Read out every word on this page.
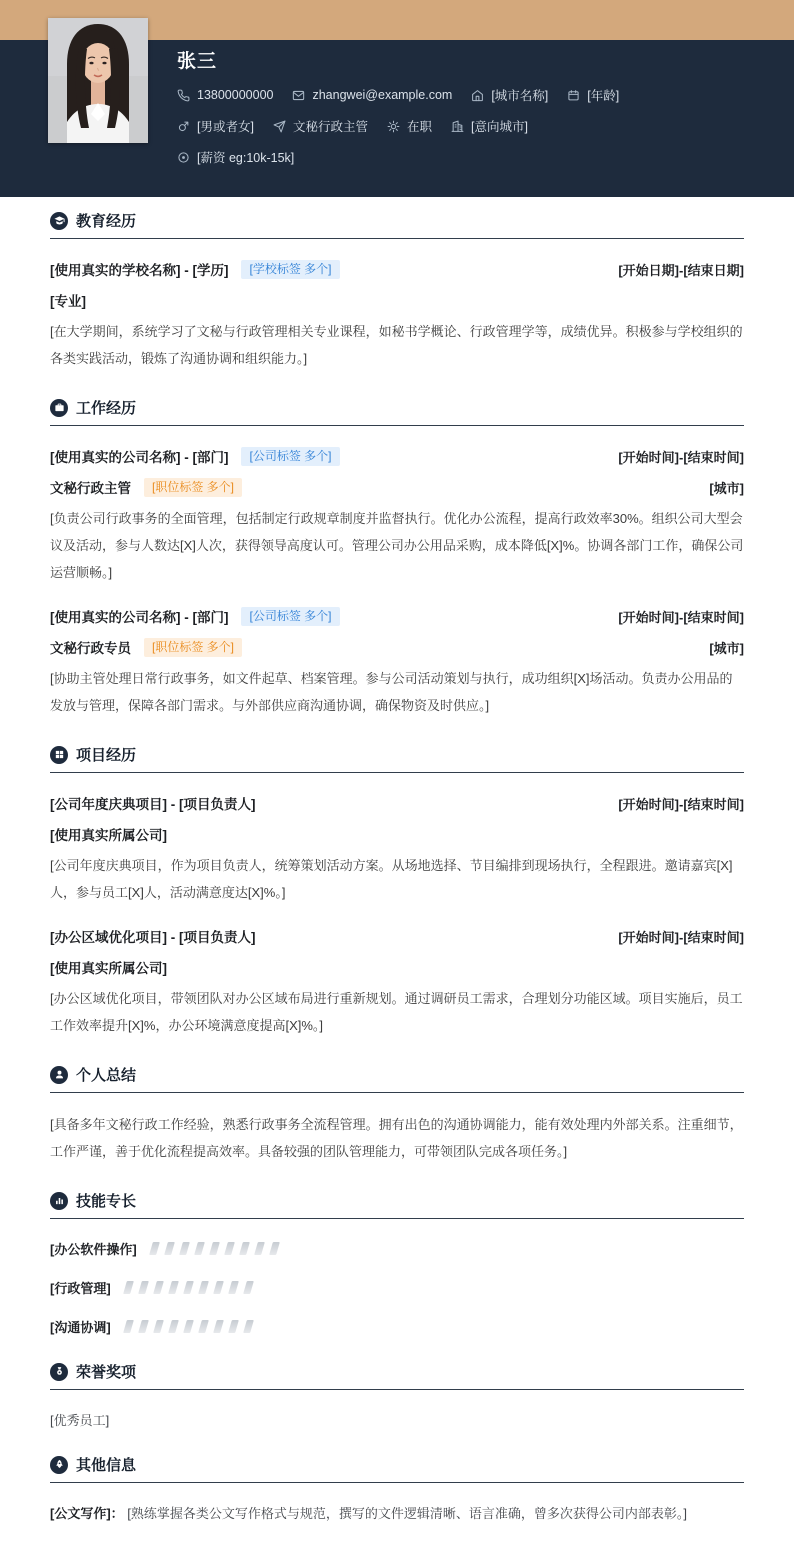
张三
13800000000	zhangwei@example.com	[城市名称]	[年龄]
[男或者女]	文秘行政主管	在职	[意向城市]
[薪资 eg:10k-15k]
教育经历
[使用真实的学校名称] - [学历]	[学校标签 多个]	[开始日期]-[结束日期]
[专业]
[在大学期间，系统学习了文秘与行政管理相关专业课程，如秘书学概论、行政管理学等，成绩优异。积极参与学校组织的各类实践活动，锻炼了沟通协调和组织能力。]
工作经历
[使用真实的公司名称] - [部门]	[公司标签 多个]	[开始时间]-[结束时间]
文秘行政主管	[职位标签 多个]	[城市]
[负责公司行政事务的全面管理，包括制定行政规章制度并监督执行。优化办公流程，提高行政效率30%。组织公司大型会议及活动，参与人数达[X]人次，获得领导高度认可。管理公司办公用品采购，成本降低[X]%。协调各部门工作，确保公司运营顺畅。]
[使用真实的公司名称] - [部门]	[公司标签 多个]	[开始时间]-[结束时间]
文秘行政专员	[职位标签 多个]	[城市]
[协助主管处理日常行政事务，如文件起草、档案管理。参与公司活动策划与执行，成功组织[X]场活动。负责办公用品的发放与管理，保障各部门需求。与外部供应商沟通协调，确保物资及时供应。]
项目经历
[公司年度庆典项目] - [项目负责人]	[开始时间]-[结束时间]
[使用真实所属公司]
[公司年度庆典项目，作为项目负责人，统筹策划活动方案。从场地选择、节目编排到现场执行，全程跟进。邀请嘉宾[X]人，参与员工[X]人，活动满意度达[X]%。]
[办公区域优化项目] - [项目负责人]	[开始时间]-[结束时间]
[使用真实所属公司]
[办公区域优化项目，带领团队对办公区域布局进行重新规划。通过调研员工需求，合理划分功能区域。项目实施后，员工工作效率提升[X]%，办公环境满意度提高[X]%。]
个人总结
[具备多年文秘行政工作经验，熟悉行政事务全流程管理。拥有出色的沟通协调能力，能有效处理内外部关系。注重细节，工作严谨，善于优化流程提高效率。具备较强的团队管理能力，可带领团队完成各项任务。]
技能专长
[办公软件操作]
[行政管理]
[沟通协调]
荣誉奖项
[优秀员工]
其他信息
[公文写作]： [熟练掌握各类公文写作格式与规范，撰写的文件逻辑清晰、语言准确，曾多次获得公司内部表彰。]
